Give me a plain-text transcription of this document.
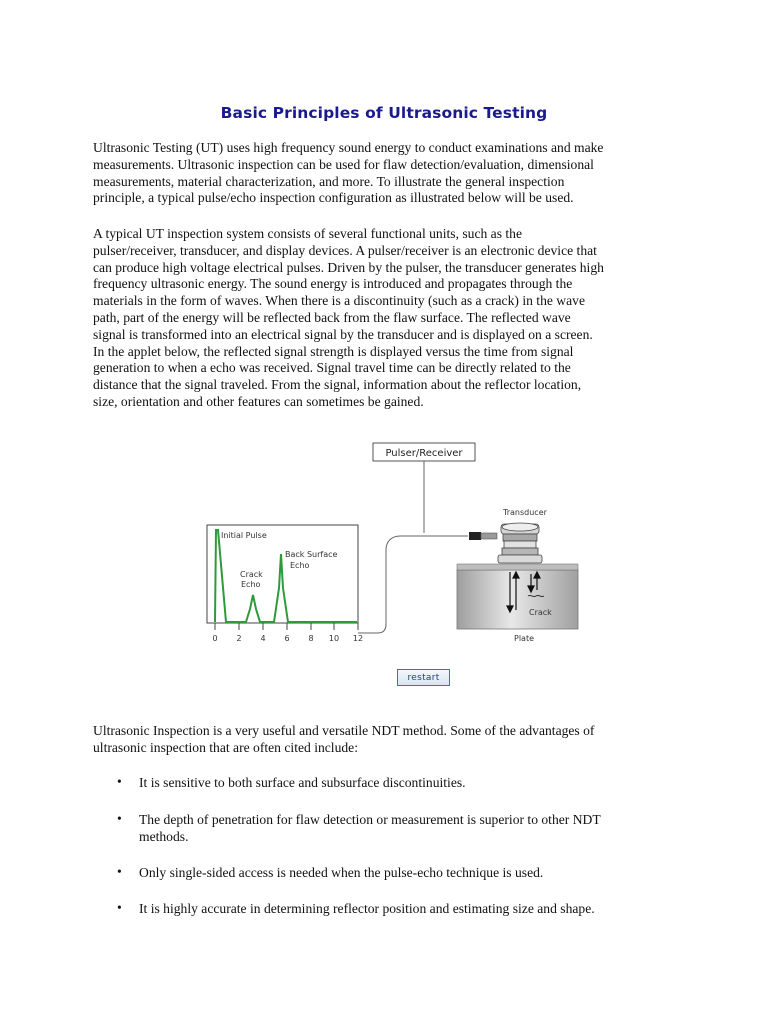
Basic Principles of Ultrasonic Testing
Ultrasonic Testing (UT) uses high frequency sound energy to conduct examinations and make
measurements. Ultrasonic inspection can be used for flaw detection/evaluation, dimensional
measurements, material characterization, and more. To illustrate the general inspection
principle, a typical pulse/echo inspection configuration as illustrated below will be used.
A typical UT inspection system consists of several functional units, such as the
pulser/receiver, transducer, and display devices. A pulser/receiver is an electronic device that
can produce high voltage electrical pulses. Driven by the pulser, the transducer generates high
frequency ultrasonic energy. The sound energy is introduced and propagates through the
materials in the form of waves. When there is a discontinuity (such as a crack) in the wave
path, part of the energy will be reflected back from the flaw surface. The reflected wave
signal is transformed into an electrical signal by the transducer and is displayed on a screen.
In the applet below, the reflected signal strength is displayed versus the time from signal
generation to when a echo was received. Signal travel time can be directly related to the
distance that the signal traveled. From the signal, information about the reflector location,
size, orientation and other features can sometimes be gained.
Pulser/Receiver
0 2 4 6 8 10 12
Initial Pulse
Back Surface
Echo
Crack
Echo
Transducer
Crack
Plate
restart
Ultrasonic Inspection is a very useful and versatile NDT method. Some of the advantages of
ultrasonic inspection that are often cited include:
• It is sensitive to both surface and subsurface discontinuities.
• The depth of penetration for flaw detection or measurement is superior to other NDT
methods.
• Only single-sided access is needed when the pulse-echo technique is used.
• It is highly accurate in determining reflector position and estimating size and shape.
